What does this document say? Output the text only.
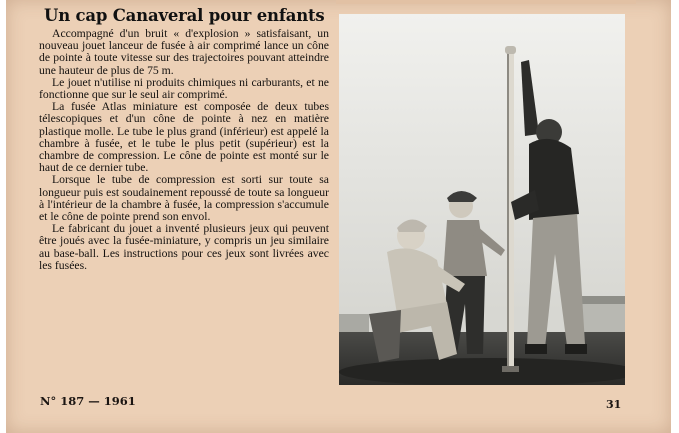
Un cap Canaveral pour enfants

Accompagné d'un bruit « d'explosion » satisfaisant, un nouveau jouet lanceur de fusée à air comprimé lance un cône de pointe à toute vitesse sur des trajectoires pouvant atteindre une hauteur de plus de 75 m.

Le jouet n'utilise ni produits chimiques ni carburants, et ne fonctionne que sur le seul air comprimé.

La fusée Atlas miniature est composée de deux tubes télescopiques et d'un cône de pointe à nez en matière plastique molle. Le tube le plus grand (inférieur) est appelé la chambre à fusée, et le tube le plus petit (supérieur) est la chambre de compression. Le cône de pointe est monté sur le haut de ce dernier tube.

Lorsque le tube de compression est sorti sur toute sa longueur puis est soudainement repoussé de toute sa longueur à l'intérieur de la chambre à fusée, la compression s'accumule et le cône de pointe prend son envol.

Le fabricant du jouet a inventé plusieurs jeux qui peuvent être joués avec la fusée-miniature, y compris un jeu similaire au base-ball. Les instructions pour ces jeux sont livrées avec les fusées.

N° 187 — 1961	31
